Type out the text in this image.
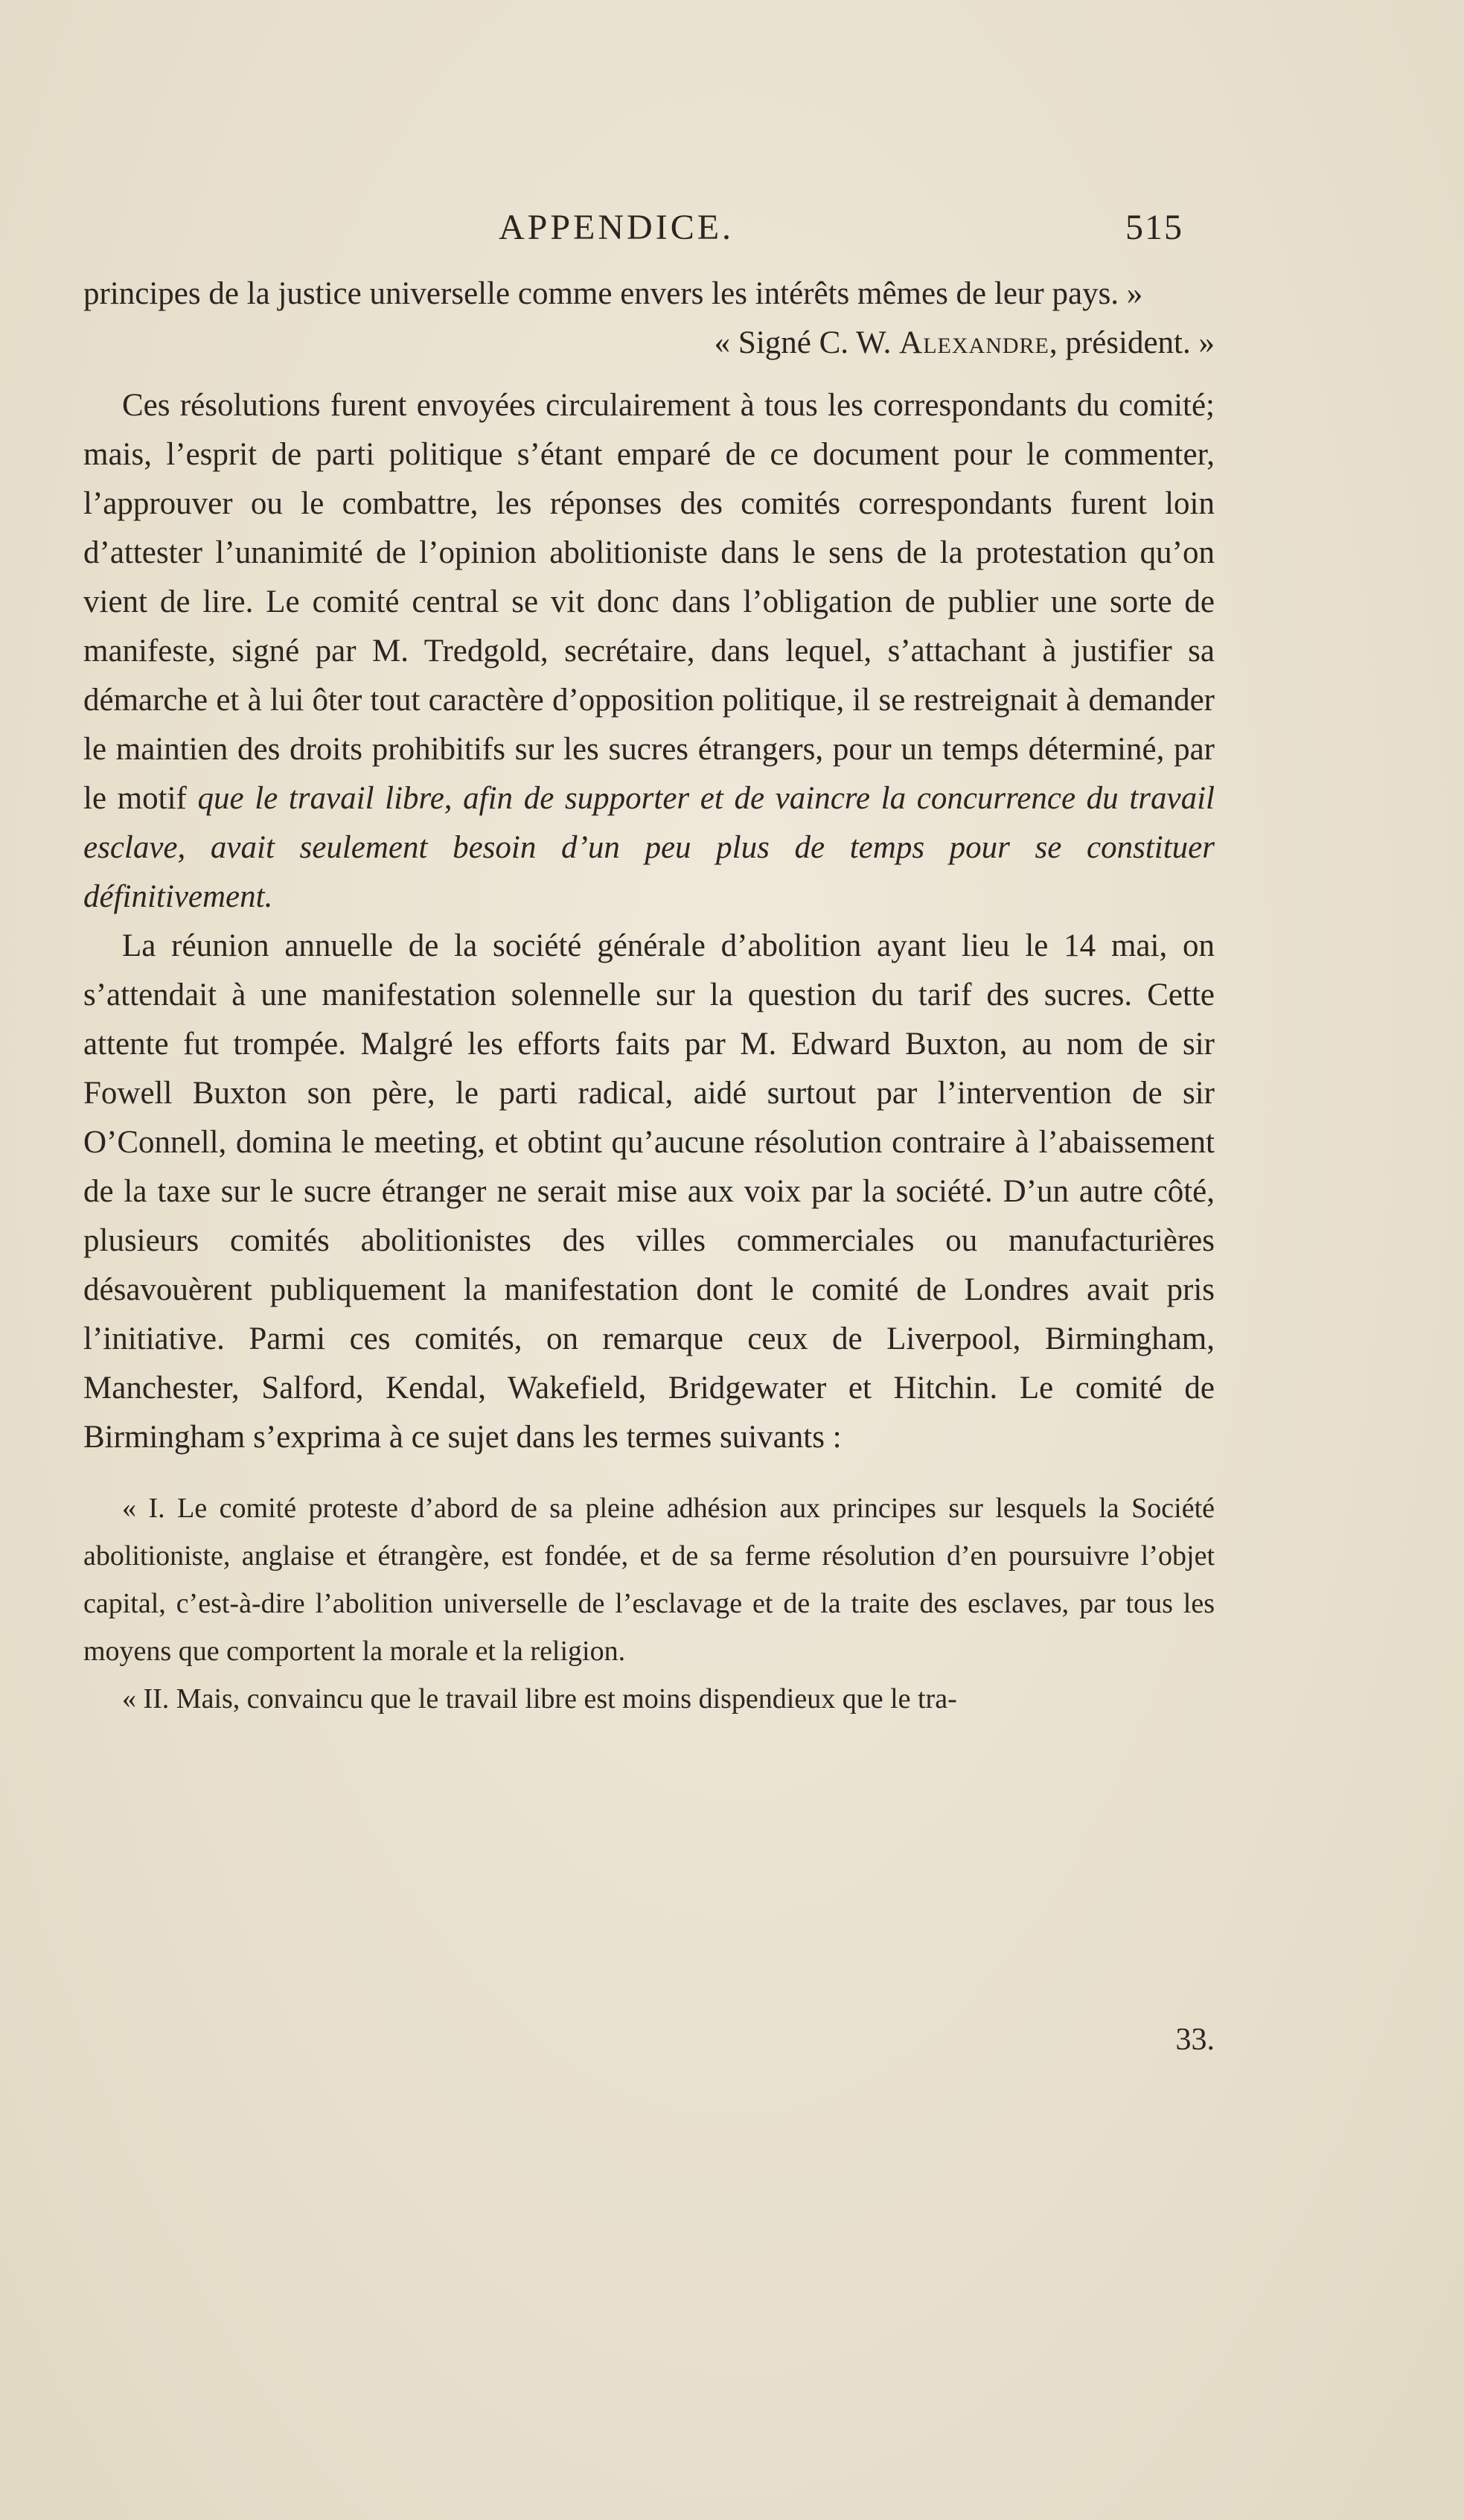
APPENDICE.	515

principes de la justice universelle comme envers les intérêts mêmes de leur pays. »

« Signé C. W. Alexandre, président. »

Ces résolutions furent envoyées circulairement à tous les correspondants du comité; mais, l’esprit de parti politique s’étant emparé de ce document pour le commenter, l’approuver ou le combattre, les réponses des comités correspondants furent loin d’attester l’unanimité de l’opinion abolitioniste dans le sens de la protestation qu’on vient de lire. Le comité central se vit donc dans l’obligation de publier une sorte de manifeste, signé par M. Tredgold, secrétaire, dans lequel, s’attachant à justifier sa démarche et à lui ôter tout caractère d’opposition politique, il se restreignait à demander le maintien des droits prohibitifs sur les sucres étrangers, pour un temps déterminé, par le motif que le travail libre, afin de supporter et de vaincre la concurrence du travail esclave, avait seulement besoin d’un peu plus de temps pour se constituer définitivement.

La réunion annuelle de la société générale d’abolition ayant lieu le 14 mai, on s’attendait à une manifestation solennelle sur la question du tarif des sucres. Cette attente fut trompée. Malgré les efforts faits par M. Edward Buxton, au nom de sir Fowell Buxton son père, le parti radical, aidé surtout par l’intervention de sir O’Connell, domina le meeting, et obtint qu’aucune résolution contraire à l’abaissement de la taxe sur le sucre étranger ne serait mise aux voix par la société. D’un autre côté, plusieurs comités abolitionistes des villes commerciales ou manufacturières désavouèrent publiquement la manifestation dont le comité de Londres avait pris l’initiative. Parmi ces comités, on remarque ceux de Liverpool, Birmingham, Manchester, Salford, Kendal, Wakefield, Bridgewater et Hitchin. Le comité de Birmingham s’exprima à ce sujet dans les termes suivants :

« I. Le comité proteste d’abord de sa pleine adhésion aux principes sur lesquels la Société abolitioniste, anglaise et étrangère, est fondée, et de sa ferme résolution d’en poursuivre l’objet capital, c’est-à-dire l’abolition universelle de l’esclavage et de la traite des esclaves, par tous les moyens que comportent la morale et la religion.

« II. Mais, convaincu que le travail libre est moins dispendieux que le tra-

33.
